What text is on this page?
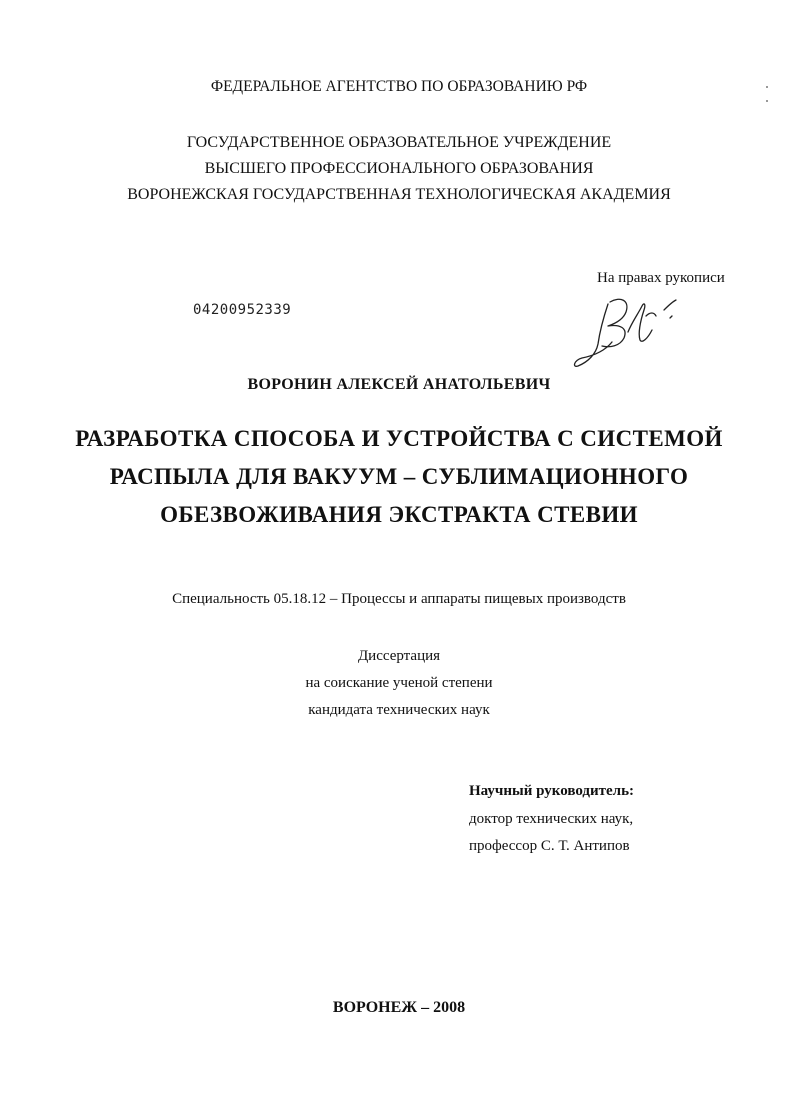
ФЕДЕРАЛЬНОЕ АГЕНТСТВО ПО ОБРАЗОВАНИЮ РФ
ГОСУДАРСТВЕННОЕ ОБРАЗОВАТЕЛЬНОЕ УЧРЕЖДЕНИЕ
ВЫСШЕГО ПРОФЕССИОНАЛЬНОГО ОБРАЗОВАНИЯ
ВОРОНЕЖСКАЯ ГОСУДАРСТВЕННАЯ ТЕХНОЛОГИЧЕСКАЯ АКАДЕМИЯ
На правах рукописи
04200952339
ВОРОНИН АЛЕКСЕЙ АНАТОЛЬЕВИЧ
РАЗРАБОТКА СПОСОБА И УСТРОЙСТВА С СИСТЕМОЙ
РАСПЫЛА ДЛЯ ВАКУУМ – СУБЛИМАЦИОННОГО
ОБЕЗВОЖИВАНИЯ ЭКСТРАКТА СТЕВИИ
Специальность 05.18.12 – Процессы и аппараты пищевых производств
Диссертация
на соискание ученой степени
кандидата технических наук
Научный руководитель:
доктор технических наук,
профессор С. Т. Антипов
ВОРОНЕЖ – 2008
